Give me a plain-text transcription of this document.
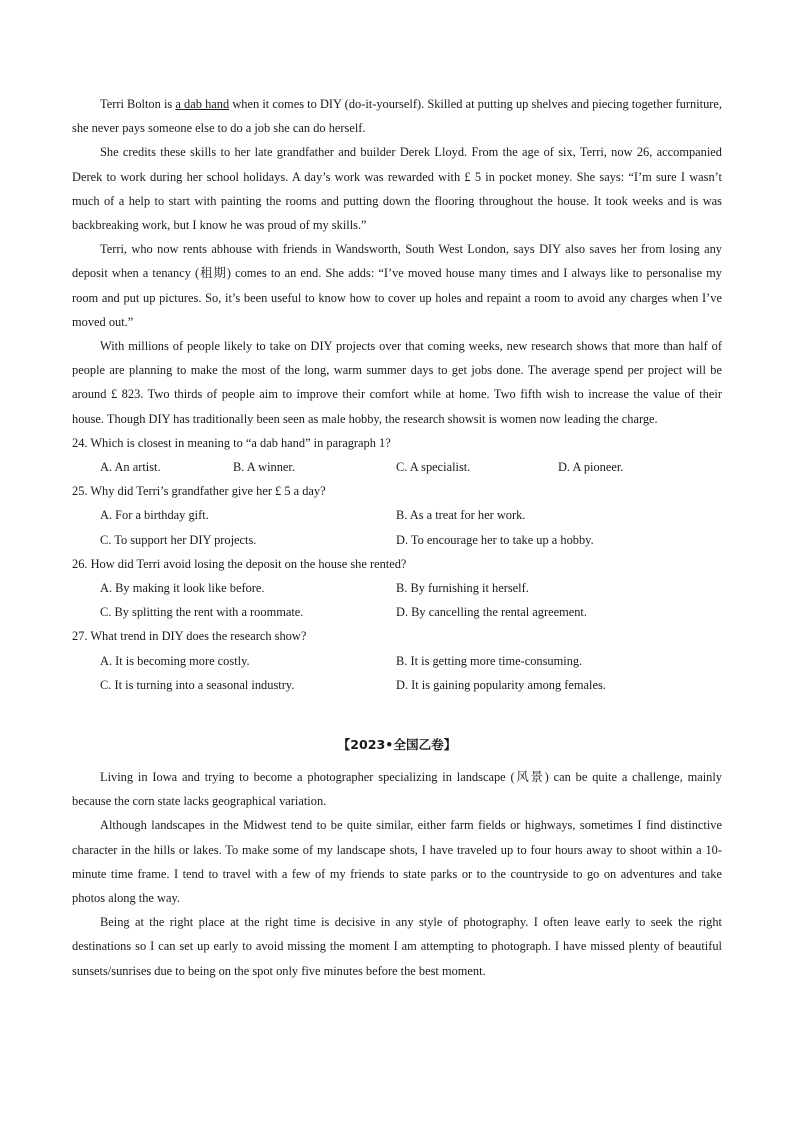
Terri Bolton is a dab hand when it comes to DIY (do-it-yourself). Skilled at putting up shelves and piecing together furniture, she never pays someone else to do a job she can do herself.

She credits these skills to her late grandfather and builder Derek Lloyd. From the age of six, Terri, now 26, accompanied Derek to work during her school holidays. A day’s work was rewarded with £ 5 in pocket money. She says: “I’m sure I wasn’t much of a help to start with painting the rooms and putting down the flooring throughout the house. It took weeks and is was backbreaking work, but I know he was proud of my skills.”

Terri, who now rents abhouse with friends in Wandsworth, South West London, says DIY also saves her from losing any deposit when a tenancy (租期) comes to an end. She adds: “I’ve moved house many times and I always like to personalise my room and put up pictures. So, it’s been useful to know how to cover up holes and repaint a room to avoid any charges when I’ve moved out.”

With millions of people likely to take on DIY projects over that coming weeks, new research shows that more than half of people are planning to make the most of the long, warm summer days to get jobs done. The average spend per project will be around £ 823. Two thirds of people aim to improve their comfort while at home. Two fifth wish to increase the value of their house. Though DIY has traditionally been seen as male hobby, the research showsit is women now leading the charge.

24. Which is closest in meaning to “a dab hand” in paragraph 1?

A. An artist.	B. A winner.	C. A specialist.	D. A pioneer.

25. Why did Terri’s grandfather give her £ 5 a day?

A. For a birthday gift.	B. As a treat for her work.
C. To support her DIY projects.	D. To encourage her to take up a hobby.

26. How did Terri avoid losing the deposit on the house she rented?

A. By making it look like before.	B. By furnishing it herself.
C. By splitting the rent with a roommate.	D. By cancelling the rental agreement.

27. What trend in DIY does the research show?

A. It is becoming more costly.	B. It is getting more time-consuming.
C. It is turning into a seasonal industry.	D. It is gaining popularity among females.
【2023•全国乙卷】

Living in Iowa and trying to become a photographer specializing in landscape (风景) can be quite a challenge, mainly because the corn state lacks geographical variation.

Although landscapes in the Midwest tend to be quite similar, either farm fields or highways, sometimes I find distinctive character in the hills or lakes. To make some of my landscape shots, I have traveled up to four hours away to shoot within a 10-minute time frame. I tend to travel with a few of my friends to state parks or to the countryside to go on adventures and take photos along the way.

Being at the right place at the right time is decisive in any style of photography. I often leave early to seek the right destinations so I can set up early to avoid missing the moment I am attempting to photograph. I have missed plenty of beautiful sunsets/sunrises due to being on the spot only five minutes before the best moment.
